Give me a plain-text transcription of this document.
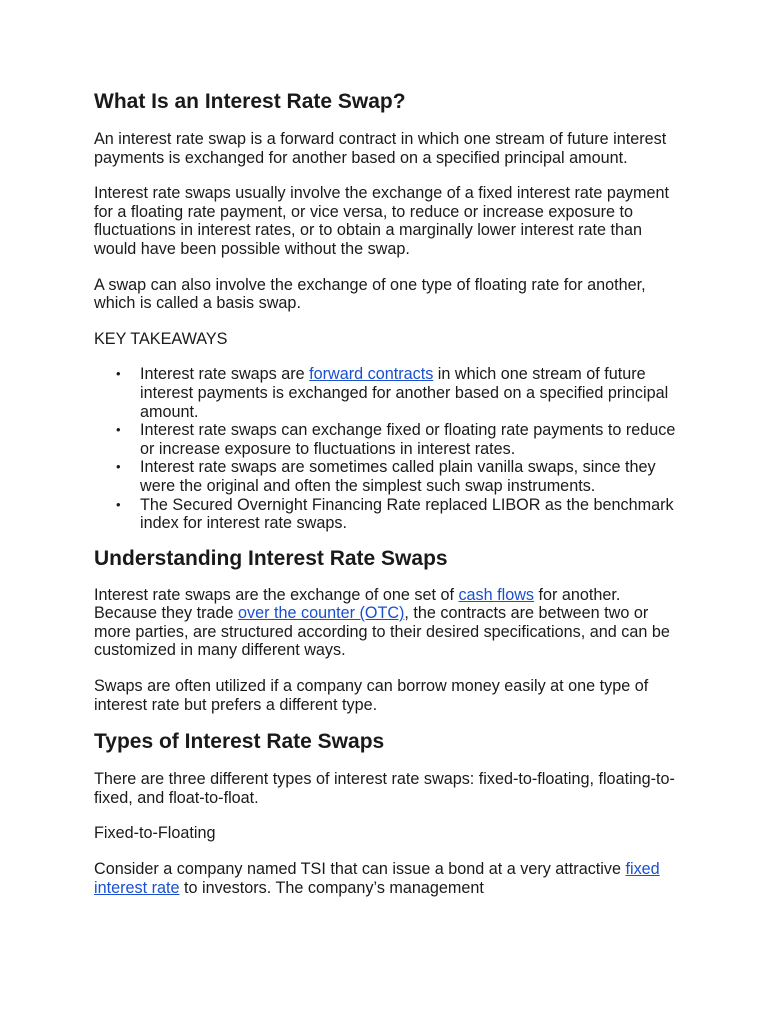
What Is an Interest Rate Swap?

An interest rate swap is a forward contract in which one stream of future interest payments is exchanged for another based on a specified principal amount.

Interest rate swaps usually involve the exchange of a fixed interest rate payment for a floating rate payment, or vice versa, to reduce or increase exposure to fluctuations in interest rates, or to obtain a marginally lower interest rate than would have been possible without the swap.

A swap can also involve the exchange of one type of floating rate for another, which is called a basis swap.

KEY TAKEAWAYS

• Interest rate swaps are forward contracts in which one stream of future interest payments is exchanged for another based on a specified principal amount.
• Interest rate swaps can exchange fixed or floating rate payments to reduce or increase exposure to fluctuations in interest rates.
• Interest rate swaps are sometimes called plain vanilla swaps, since they were the original and often the simplest such swap instruments.
• The Secured Overnight Financing Rate replaced LIBOR as the benchmark index for interest rate swaps.
Understanding Interest Rate Swaps

Interest rate swaps are the exchange of one set of cash flows for another. Because they trade over the counter (OTC), the contracts are between two or more parties, are structured according to their desired specifications, and can be customized in many different ways.

Swaps are often utilized if a company can borrow money easily at one type of interest rate but prefers a different type.

Types of Interest Rate Swaps

There are three different types of interest rate swaps: fixed-to-floating, floating-to-fixed, and float-to-float.

Fixed-to-Floating

Consider a company named TSI that can issue a bond at a very attractive fixed interest rate to investors. The company’s management
